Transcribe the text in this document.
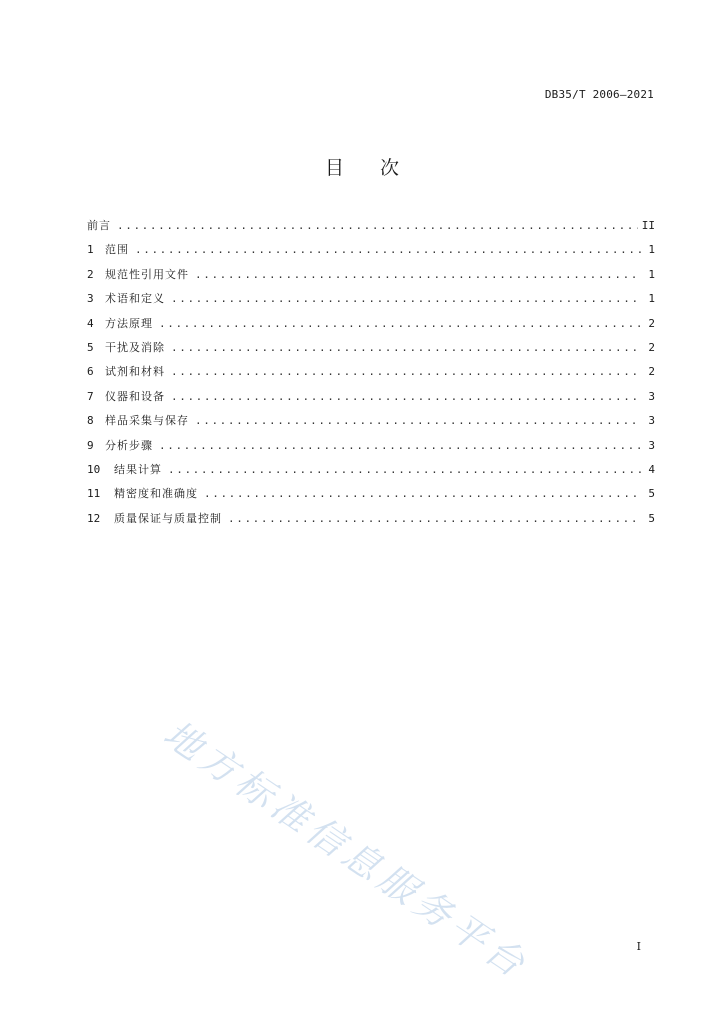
DB35/T 2006—2021
目次
前言 .....	II
1	范围 .....	1
2	规范性引用文件 .....	1
3	术语和定义 .....	1
4	方法原理 .....	2
5	干扰及消除 .....	2
6	试剂和材料 .....	2
7	仪器和设备 .....	3
8	样品采集与保存 .....	3
9	分析步骤 .....	3
10	结果计算 .....	4
11	精密度和准确度 .....	5
12	质量保证与质量控制 .....	5
I
地方标准信息服务平台
